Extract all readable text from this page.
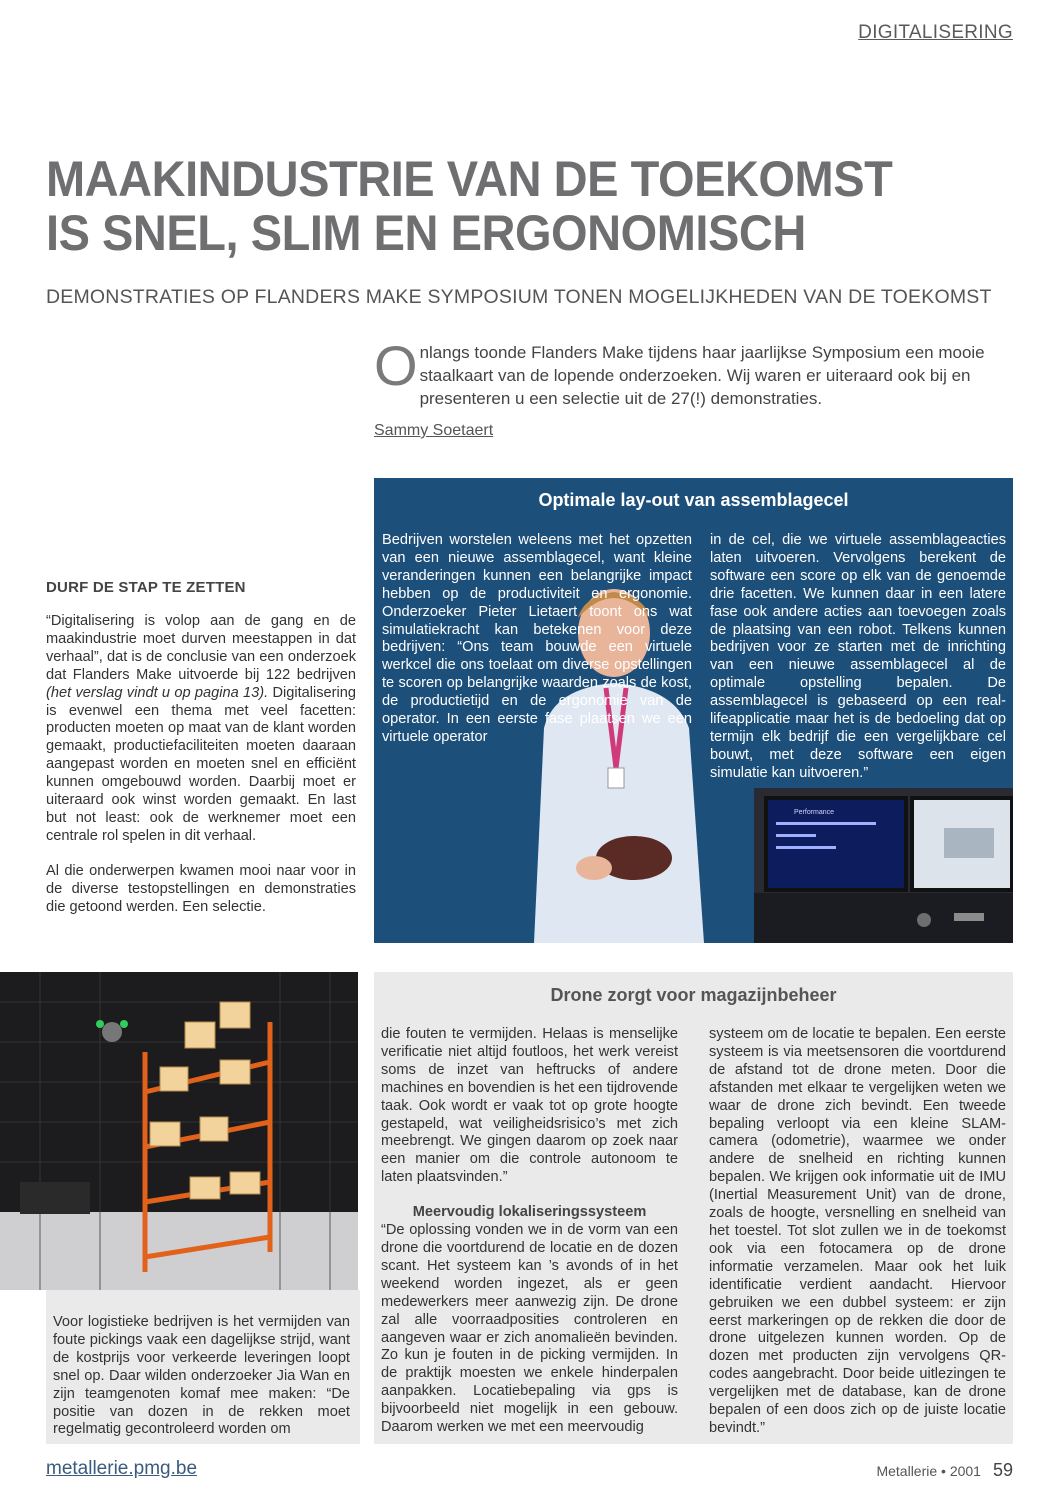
DIGITALISERING
MAAKINDUSTRIE VAN DE TOEKOMST
IS SNEL, SLIM EN ERGONOMISCH
DEMONSTRATIES OP FLANDERS MAKE SYMPOSIUM TONEN MOGELIJKHEDEN VAN DE TOEKOMST
Onlangs toonde Flanders Make tijdens haar jaarlijkse Symposium een mooie staalkaart van de lopende onderzoeken. Wij waren er uiteraard ook bij en presenteren u een selectie uit de 27(!) demonstraties.
Sammy Soetaert
DURF DE STAP TE ZETTEN

“Digitalisering is volop aan de gang en de maakindustrie moet durven meestappen in dat verhaal”, dat is de conclusie van een onderzoek dat Flanders Make uitvoerde bij 122 bedrijven (het verslag vindt u op pagina 13). Digitalisering is evenwel een thema met veel facetten: producten moeten op maat van de klant worden gemaakt, productiefaciliteiten moeten daaraan aangepast worden en moeten snel en efficiënt kunnen omgebouwd worden. Daarbij moet er uiteraard ook winst worden gemaakt. En last but not least: ook de werknemer moet een centrale rol spelen in dit verhaal.

Al die onderwerpen kwamen mooi naar voor in de diverse testopstellingen en demonstraties die getoond werden. Een selectie.

Optimale lay-out van assemblagecel
Performance
Bedrijven worstelen weleens met het opzetten van een nieuwe assemblagecel, want kleine veranderingen kunnen een belangrijke impact hebben op de productiviteit en ergonomie. Onderzoeker Pieter Lietaert toont ons wat simulatiekracht kan betekenen voor deze bedrijven: “Ons team bouwde een virtuele werkcel die ons toelaat om diverse opstellingen te scoren op belangrijke waarden zoals de kost, de productietijd en de ergonomie van de operator. In een eerste fase plaatsen we een virtuele operator
in de cel, die we virtuele assemblageacties laten uitvoeren. Vervolgens berekent de software een score op elk van de genoemde drie facetten. We kunnen daar in een latere fase ook andere acties aan toevoegen zoals de plaatsing van een robot. Telkens kunnen bedrijven voor ze starten met de inrichting van een nieuwe assemblagecel al de optimale opstelling bepalen. De assemblagecel is gebaseerd op een real-lifeapplicatie maar het is de bedoeling dat op termijn elk bedrijf die een vergelijkbare cel bouwt, met deze software een eigen simulatie kan uitvoeren.”
Voor logistieke bedrijven is het vermijden van foute pickings vaak een dagelijkse strijd, want de kostprijs voor verkeerde leveringen loopt snel op. Daar wilden onderzoeker Jia Wan en zijn teamgenoten komaf mee maken: “De positie van dozen in de rekken moet regelmatig gecontroleerd worden om
Drone zorgt voor magazijnbeheer
die fouten te vermijden. Helaas is menselijke verificatie niet altijd foutloos, het werk vereist soms de inzet van heftrucks of andere machines en bovendien is het een tijdrovende taak. Ook wordt er vaak tot op grote hoogte gestapeld, wat veiligheidsrisico’s met zich meebrengt. We gingen daarom op zoek naar een manier om die controle autonoom te laten plaatsvinden.”
Meervoudig lokaliseringssysteem
“De oplossing vonden we in de vorm van een drone die voortdurend de locatie en de dozen scant. Het systeem kan ’s avonds of in het weekend worden ingezet, als er geen medewerkers meer aanwezig zijn. De drone zal alle voorraadposities controleren en aangeven waar er zich anomalieën bevinden. Zo kun je fouten in de picking vermijden. In de praktijk moesten we enkele hinderpalen aanpakken. Locatiebepaling via gps is bijvoorbeeld niet mogelijk in een gebouw. Daarom werken we met een meervoudig
systeem om de locatie te bepalen. Een eerste systeem is via meetsensoren die voortdurend de afstand tot de drone meten. Door die afstanden met elkaar te vergelijken weten we waar de drone zich bevindt. Een tweede bepaling verloopt via een kleine SLAM-camera (odometrie), waarmee we onder andere de snelheid en richting kunnen bepalen. We krijgen ook informatie uit de IMU (Inertial Measurement Unit) van de drone, zoals de hoogte, versnelling en snelheid van het toestel. Tot slot zullen we in de toekomst ook via een fotocamera op de drone informatie verzamelen. Maar ook het luik identificatie verdient aandacht. Hiervoor gebruiken we een dubbel systeem: er zijn eerst markeringen op de rekken die door de drone uitgelezen kunnen worden. Op de dozen met producten zijn vervolgens QR-codes aangebracht. Door beide uitlezingen te vergelijken met de database, kan de drone bepalen of een doos zich op de juiste locatie bevindt.”
metallerie.pmg.be	Metallerie • 2001 59
